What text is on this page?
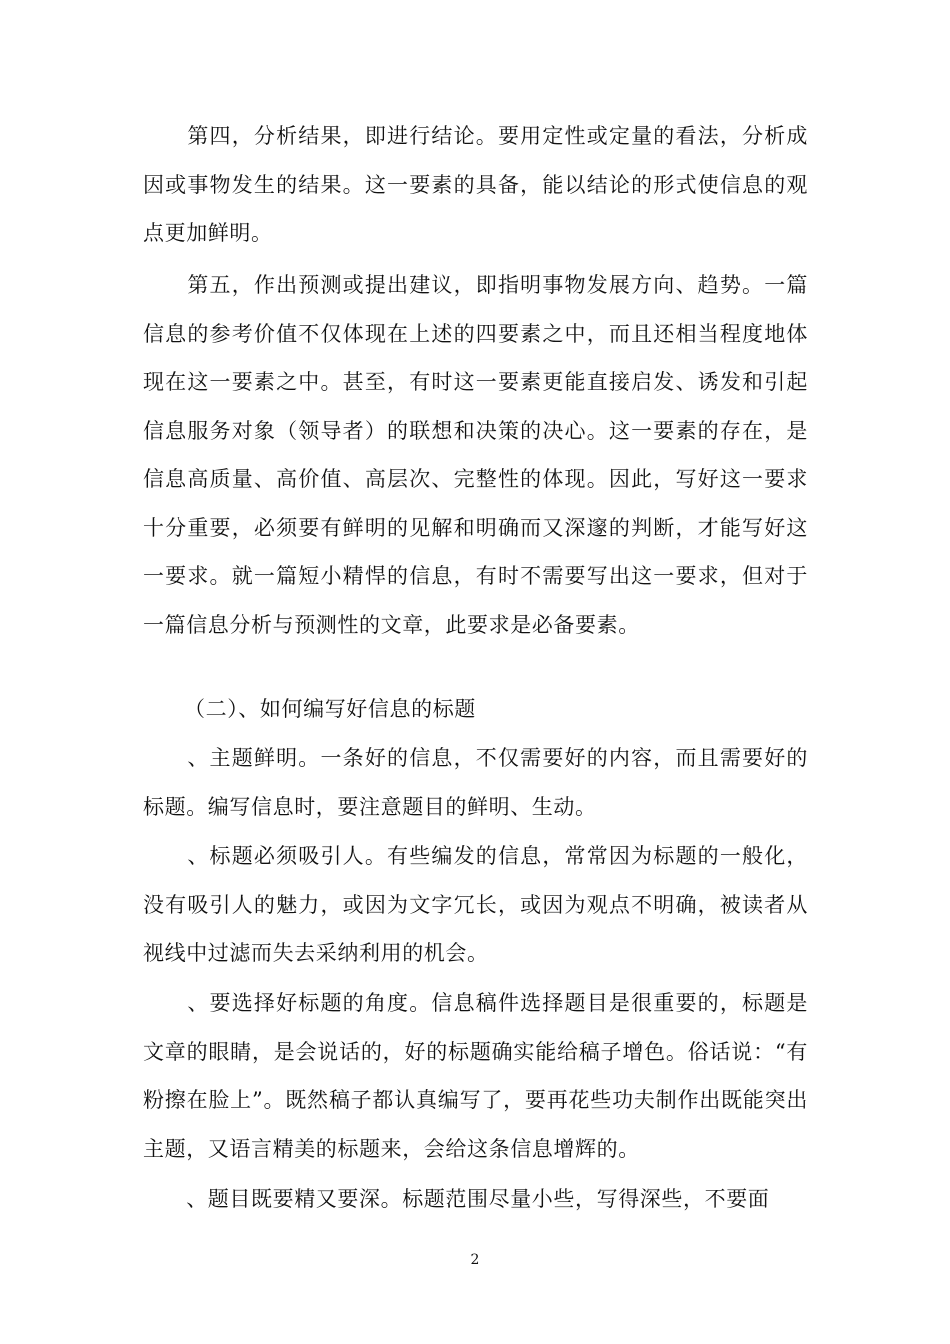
　　第四，分析结果，即进行结论。要用定性或定量的看法，分析成因或事物发生的结果。这一要素的具备，能以结论的形式使信息的观点更加鲜明。

　　第五，作出预测或提出建议，即指明事物发展方向、趋势。一篇信息的参考价值不仅体现在上述的四要素之中，而且还相当程度地体现在这一要素之中。甚至，有时这一要素更能直接启发、诱发和引起信息服务对象（领导者）的联想和决策的决心。这一要素的存在，是信息高质量、高价值、高层次、完整性的体现。因此，写好这一要求十分重要，必须要有鲜明的见解和明确而又深邃的判断，才能写好这一要求。就一篇短小精悍的信息，有时不需要写出这一要求，但对于一篇信息分析与预测性的文章，此要求是必备要素。

（二）、如何编写好信息的标题

　　、主题鲜明。一条好的信息，不仅需要好的内容，而且需要好的标题。编写信息时，要注意题目的鲜明、生动。

　　、标题必须吸引人。有些编发的信息，常常因为标题的一般化，没有吸引人的魅力，或因为文字冗长，或因为观点不明确，被读者从视线中过滤而失去采纳利用的机会。

　　、要选择好标题的角度。信息稿件选择题目是很重要的，标题是文章的眼睛，是会说话的，好的标题确实能给稿子增色。俗话说：“有粉擦在脸上”。既然稿子都认真编写了，要再花些功夫制作出既能突出主题，又语言精美的标题来，会给这条信息增辉的。

　　、题目既要精又要深。标题范围尽量小些，写得深些，不要面

2
